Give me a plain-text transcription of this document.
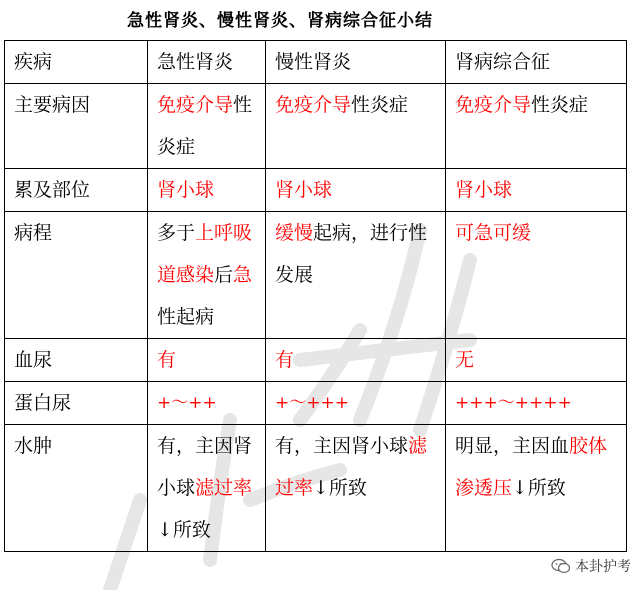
急性肾炎、慢性肾炎、肾病综合征小结
疾病	急性肾炎	慢性肾炎	肾病综合征
主要病因	免疫介导性炎症	免疫介导性炎症	免疫介导性炎症
累及部位	肾小球	肾小球	肾小球
病程	多于上呼吸道感染后急性起病	缓慢起病，进行性发展	可急可缓
血尿	有	有	无
蛋白尿	+～++	+～+++	+++～++++
水肿	有，主因肾小球滤过率↓所致	有，主因肾小球滤过率↓所致	明显，主因血胶体渗透压↓所致
本卦护考
